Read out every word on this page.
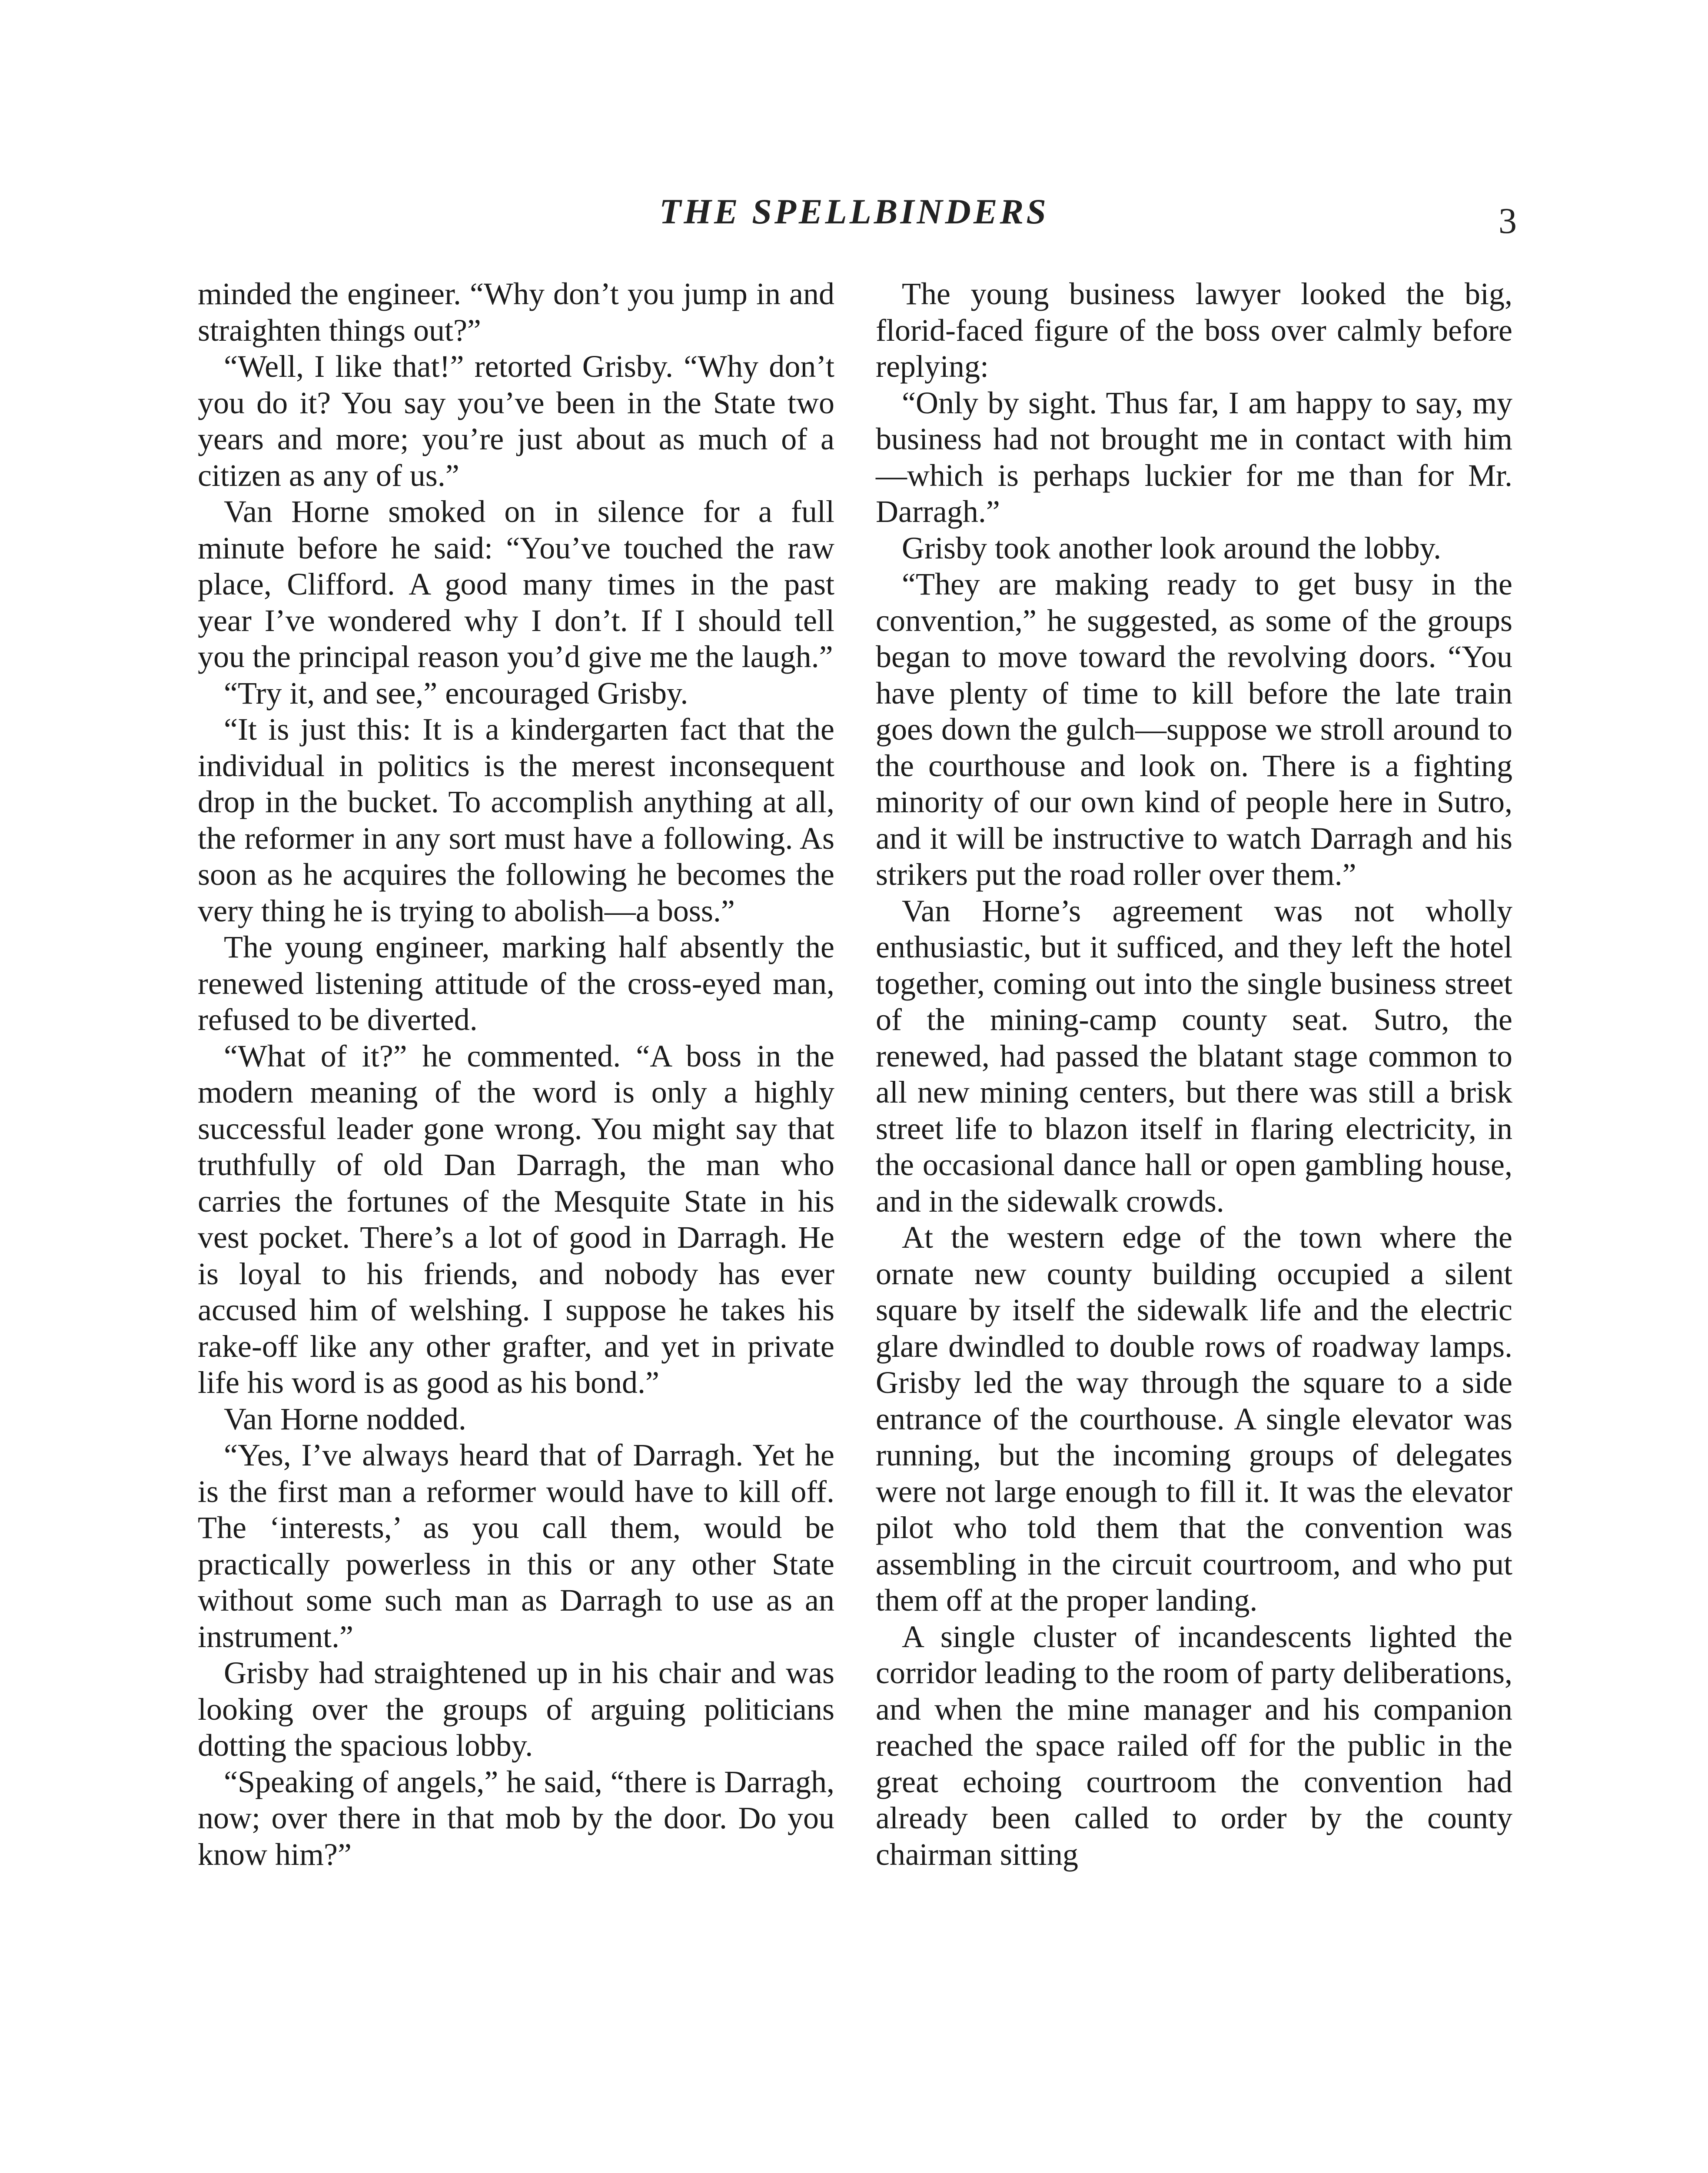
THE SPELLBINDERS	3

minded the engineer. “Why don’t you jump in and straighten things out?”

“Well, I like that!” retorted Grisby. “Why don’t you do it? You say you’ve been in the State two years and more; you’re just about as much of a citizen as any of us.”

Van Horne smoked on in silence for a full minute before he said: “You’ve touched the raw place, Clifford. A good many times in the past year I’ve wondered why I don’t. If I should tell you the principal reason you’d give me the laugh.”

“Try it, and see,” encouraged Grisby.

“It is just this: It is a kindergarten fact that the individual in politics is the merest inconsequent drop in the bucket. To accomplish anything at all, the reformer in any sort must have a following. As soon as he acquires the following he becomes the very thing he is trying to abolish—a boss.”

The young engineer, marking half absently the renewed listening attitude of the cross-eyed man, refused to be diverted.

“What of it?” he commented. “A boss in the modern meaning of the word is only a highly successful leader gone wrong. You might say that truthfully of old Dan Darragh, the man who carries the fortunes of the Mesquite State in his vest pocket. There’s a lot of good in Darragh. He is loyal to his friends, and nobody has ever accused him of welshing. I suppose he takes his rake-off like any other grafter, and yet in private life his word is as good as his bond.”

Van Horne nodded.

“Yes, I’ve always heard that of Darragh. Yet he is the first man a reformer would have to kill off. The ‘interests,’ as you call them, would be practically powerless in this or any other State without some such man as Darragh to use as an instrument.”

Grisby had straightened up in his chair and was looking over the groups of arguing politicians dotting the spacious lobby.

“Speaking of angels,” he said, “there is Darragh, now; over there in that mob by the door. Do you know him?”

The young business lawyer looked the big, florid-faced figure of the boss over calmly before replying:

“Only by sight. Thus far, I am happy to say, my business had not brought me in contact with him—which is perhaps luckier for me than for Mr. Darragh.”

Grisby took another look around the lobby.

“They are making ready to get busy in the convention,” he suggested, as some of the groups began to move toward the revolving doors. “You have plenty of time to kill before the late train goes down the gulch—suppose we stroll around to the courthouse and look on. There is a fighting minority of our own kind of people here in Sutro, and it will be instructive to watch Darragh and his strikers put the road roller over them.”

Van Horne’s agreement was not wholly enthusiastic, but it sufficed, and they left the hotel together, coming out into the single business street of the mining-camp county seat. Sutro, the renewed, had passed the blatant stage common to all new mining centers, but there was still a brisk street life to blazon itself in flaring electricity, in the occasional dance hall or open gambling house, and in the sidewalk crowds.

At the western edge of the town where the ornate new county building occupied a silent square by itself the sidewalk life and the electric glare dwindled to double rows of roadway lamps. Grisby led the way through the square to a side entrance of the courthouse. A single elevator was running, but the incoming groups of delegates were not large enough to fill it. It was the elevator pilot who told them that the convention was assembling in the circuit courtroom, and who put them off at the proper landing.

A single cluster of incandescents lighted the corridor leading to the room of party deliberations, and when the mine manager and his companion reached the space railed off for the public in the great echoing courtroom the convention had already been called to order by the county chairman sitting
